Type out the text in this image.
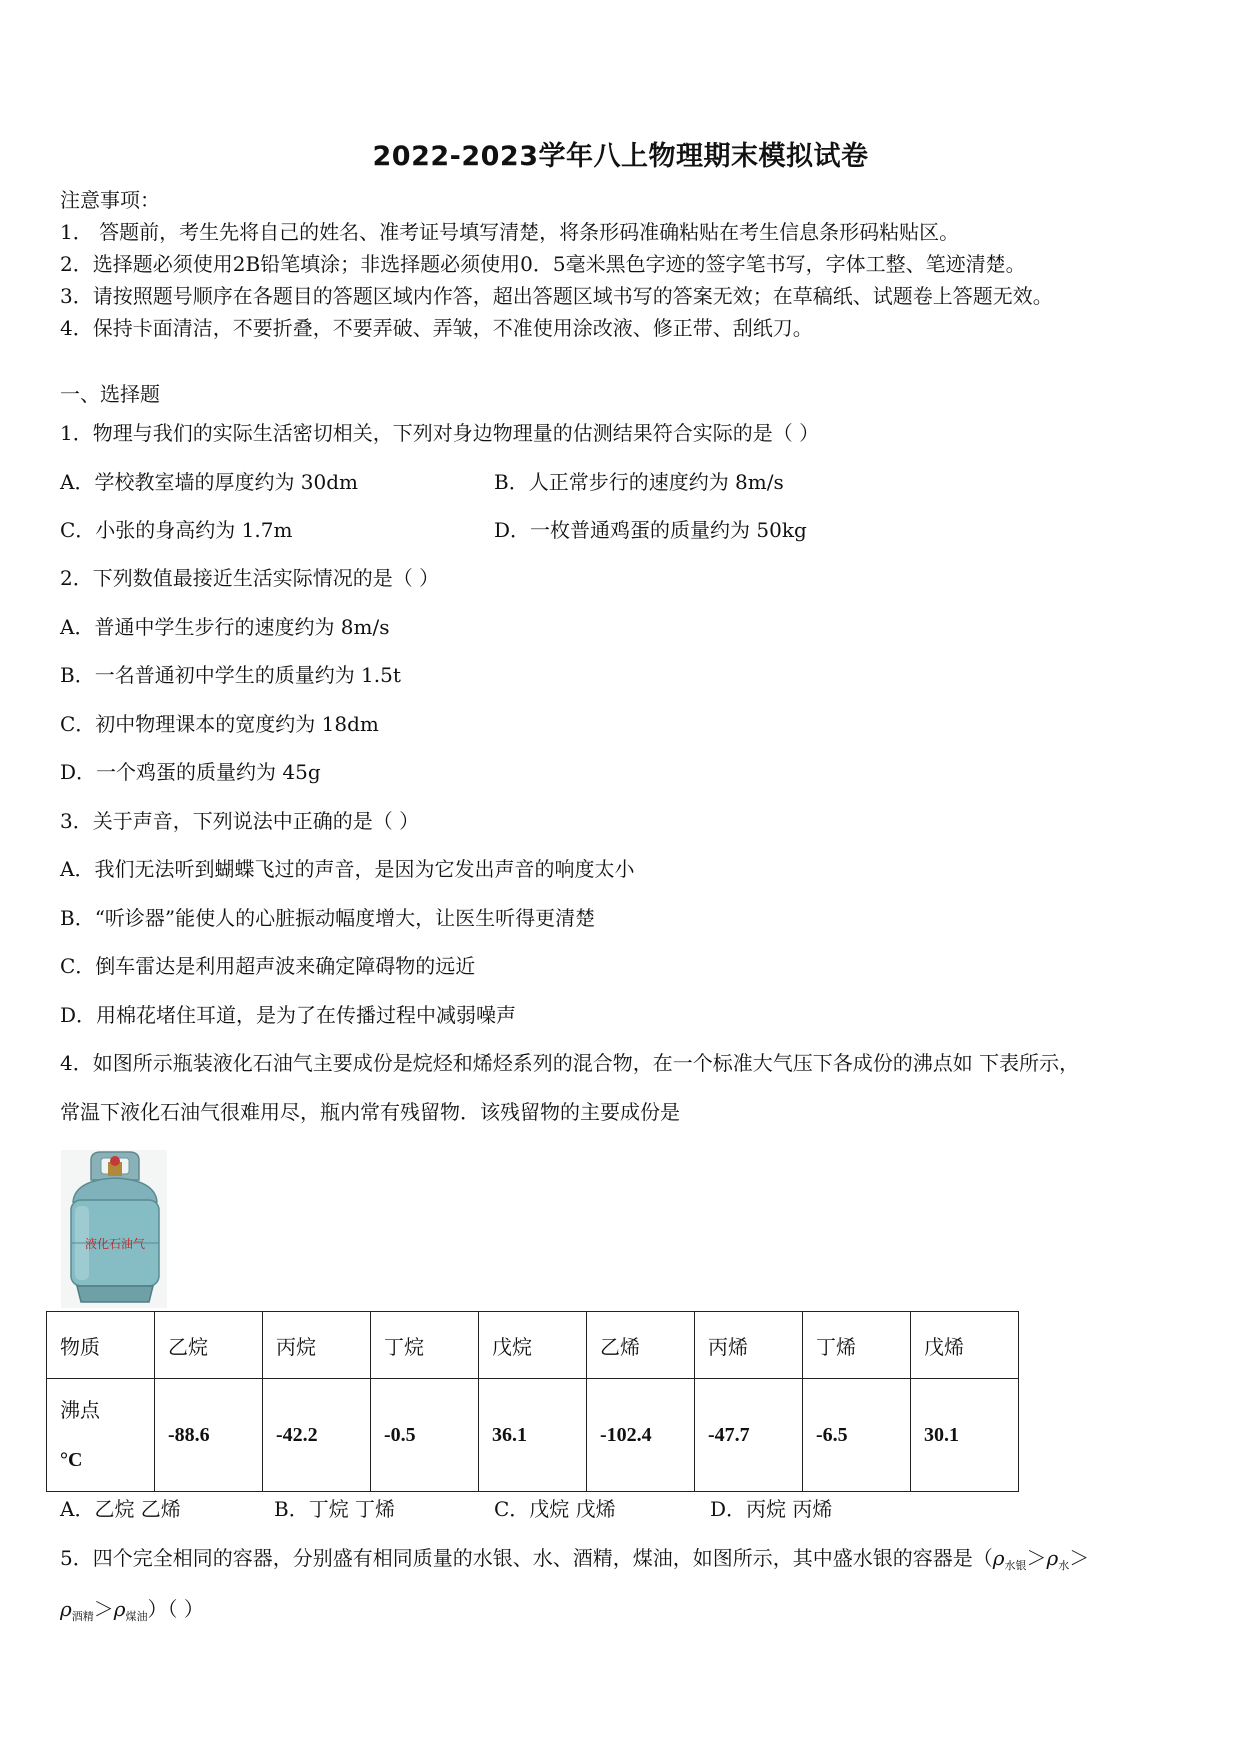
2022-2023学年八上物理期末模拟试卷
注意事项：
1． 答题前，考生先将自己的姓名、准考证号填写清楚，将条形码准确粘贴在考生信息条形码粘贴区。
2．选择题必须使用2B铅笔填涂；非选择题必须使用0．5毫米黑色字迹的签字笔书写，字体工整、笔迹清楚。
3．请按照题号顺序在各题目的答题区域内作答，超出答题区域书写的答案无效；在草稿纸、试题卷上答题无效。
4．保持卡面清洁，不要折叠，不要弄破、弄皱，不准使用涂改液、修正带、刮纸刀。
一、选择题
1．物理与我们的实际生活密切相关，下列对身边物理量的估测结果符合实际的是（ ）
A．学校教室墙的厚度约为 30dm	B．人正常步行的速度约为 8m/s
C．小张的身高约为 1.7m	D．一枚普通鸡蛋的质量约为 50kg
2．下列数值最接近生活实际情况的是（ ）
A．普通中学生步行的速度约为 8m/s
B．一名普通初中学生的质量约为 1.5t
C．初中物理课本的宽度约为 18dm
D．一个鸡蛋的质量约为 45g
3．关于声音，下列说法中正确的是（ ）
A．我们无法听到蝴蝶飞过的声音，是因为它发出声音的响度太小
B．“听诊器”能使人的心脏振动幅度增大，让医生听得更清楚
C．倒车雷达是利用超声波来确定障碍物的远近
D．用棉花堵住耳道，是为了在传播过程中减弱噪声
4．如图所示瓶装液化石油气主要成份是烷烃和烯烃系列的混合物，在一个标准大气压下各成份的沸点如 下表所示，
常温下液化石油气很难用尽，瓶内常有残留物．该残留物的主要成份是
液化石油气
物质	乙烷	丙烷	丁烷	戊烷	乙烯	丙烯	丁烯	戊烯

沸点
°C	-88.6	-42.2	-0.5	36.1	-102.4	-47.7	-6.5	30.1
A．乙烷 乙烯	B．丁烷 丁烯	C．戊烷 戊烯	D．丙烷 丙烯
5．四个完全相同的容器，分别盛有相同质量的水银、水、酒精，煤油，如图所示，其中盛水银的容器是（$\rho_{水银}>\rho_水>$
$\rho_{酒精}>\rho_{煤油}$）（ ）
